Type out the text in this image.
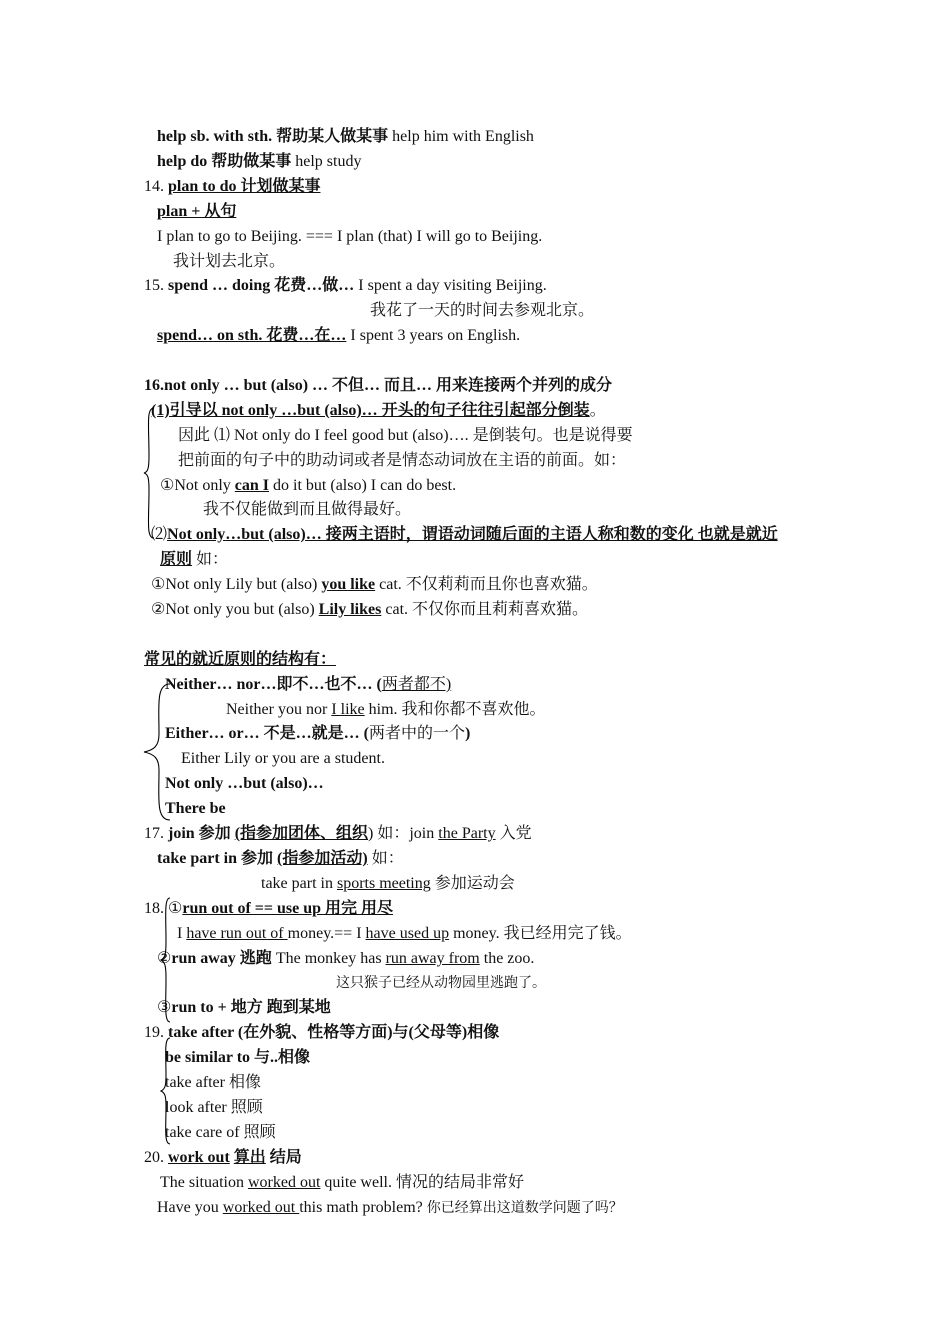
help sb. with sth. 帮助某人做某事 help him with English
help do 帮助做某事 help study
14. plan to do 计划做某事
plan + 从句
I plan to go to Beijing. === I plan (that) I will go to Beijing.
我计划去北京。
15. spend … doing 花费…做… I spent a day visiting Beijing.
我花了一天的时间去参观北京。
spend… on sth. 花费…在… I spent 3 years on English.
16.not only … but (also) … 不但… 而且… 用来连接两个并列的成分
(1)引导以 not only …but (also)… 开头的句子往往引起部分倒装。
因此 ⑴ Not only do I feel good but (also)…. 是倒装句。也是说得要
把前面的句子中的助动词或者是情态动词放在主语的前面。如：
①Not only can I do it but (also) I can do best.
我不仅能做到而且做得最好。
⑵Not only…but (also)… 接两主语时，谓语动词随后面的主语人称和数的变化 也就是就近
原则 如：
①Not only Lily but (also) you like cat. 不仅莉莉而且你也喜欢猫。
②Not only you but (also) Lily likes cat. 不仅你而且莉莉喜欢猫。
常见的就近原则的结构有：
Neither… nor…即不…也不… (两者都不)
Neither you nor I like him. 我和你都不喜欢他。
Either… or… 不是…就是… (两者中的一个)
Either Lily or you are a student.
Not only …but (also)…
There be
17. join 参加 (指参加团体、组织) 如：join the Party 入党
take part in 参加 (指参加活动) 如：
take part in sports meeting 参加运动会
18. ①run out of == use up 用完 用尽
I have run out of money.== I have used up money. 我已经用完了钱。
②run away 逃跑 The monkey has run away from the zoo.
这只猴子已经从动物园里逃跑了。
③run to + 地方 跑到某地
19. take after (在外貌、性格等方面)与(父母等)相像
be similar to 与..相像
take after 相像
look after 照顾
take care of 照顾
20. work out 算出 结局
The situation worked out quite well. 情况的结局非常好
Have you worked out this math problem? 你已经算出这道数学问题了吗？
